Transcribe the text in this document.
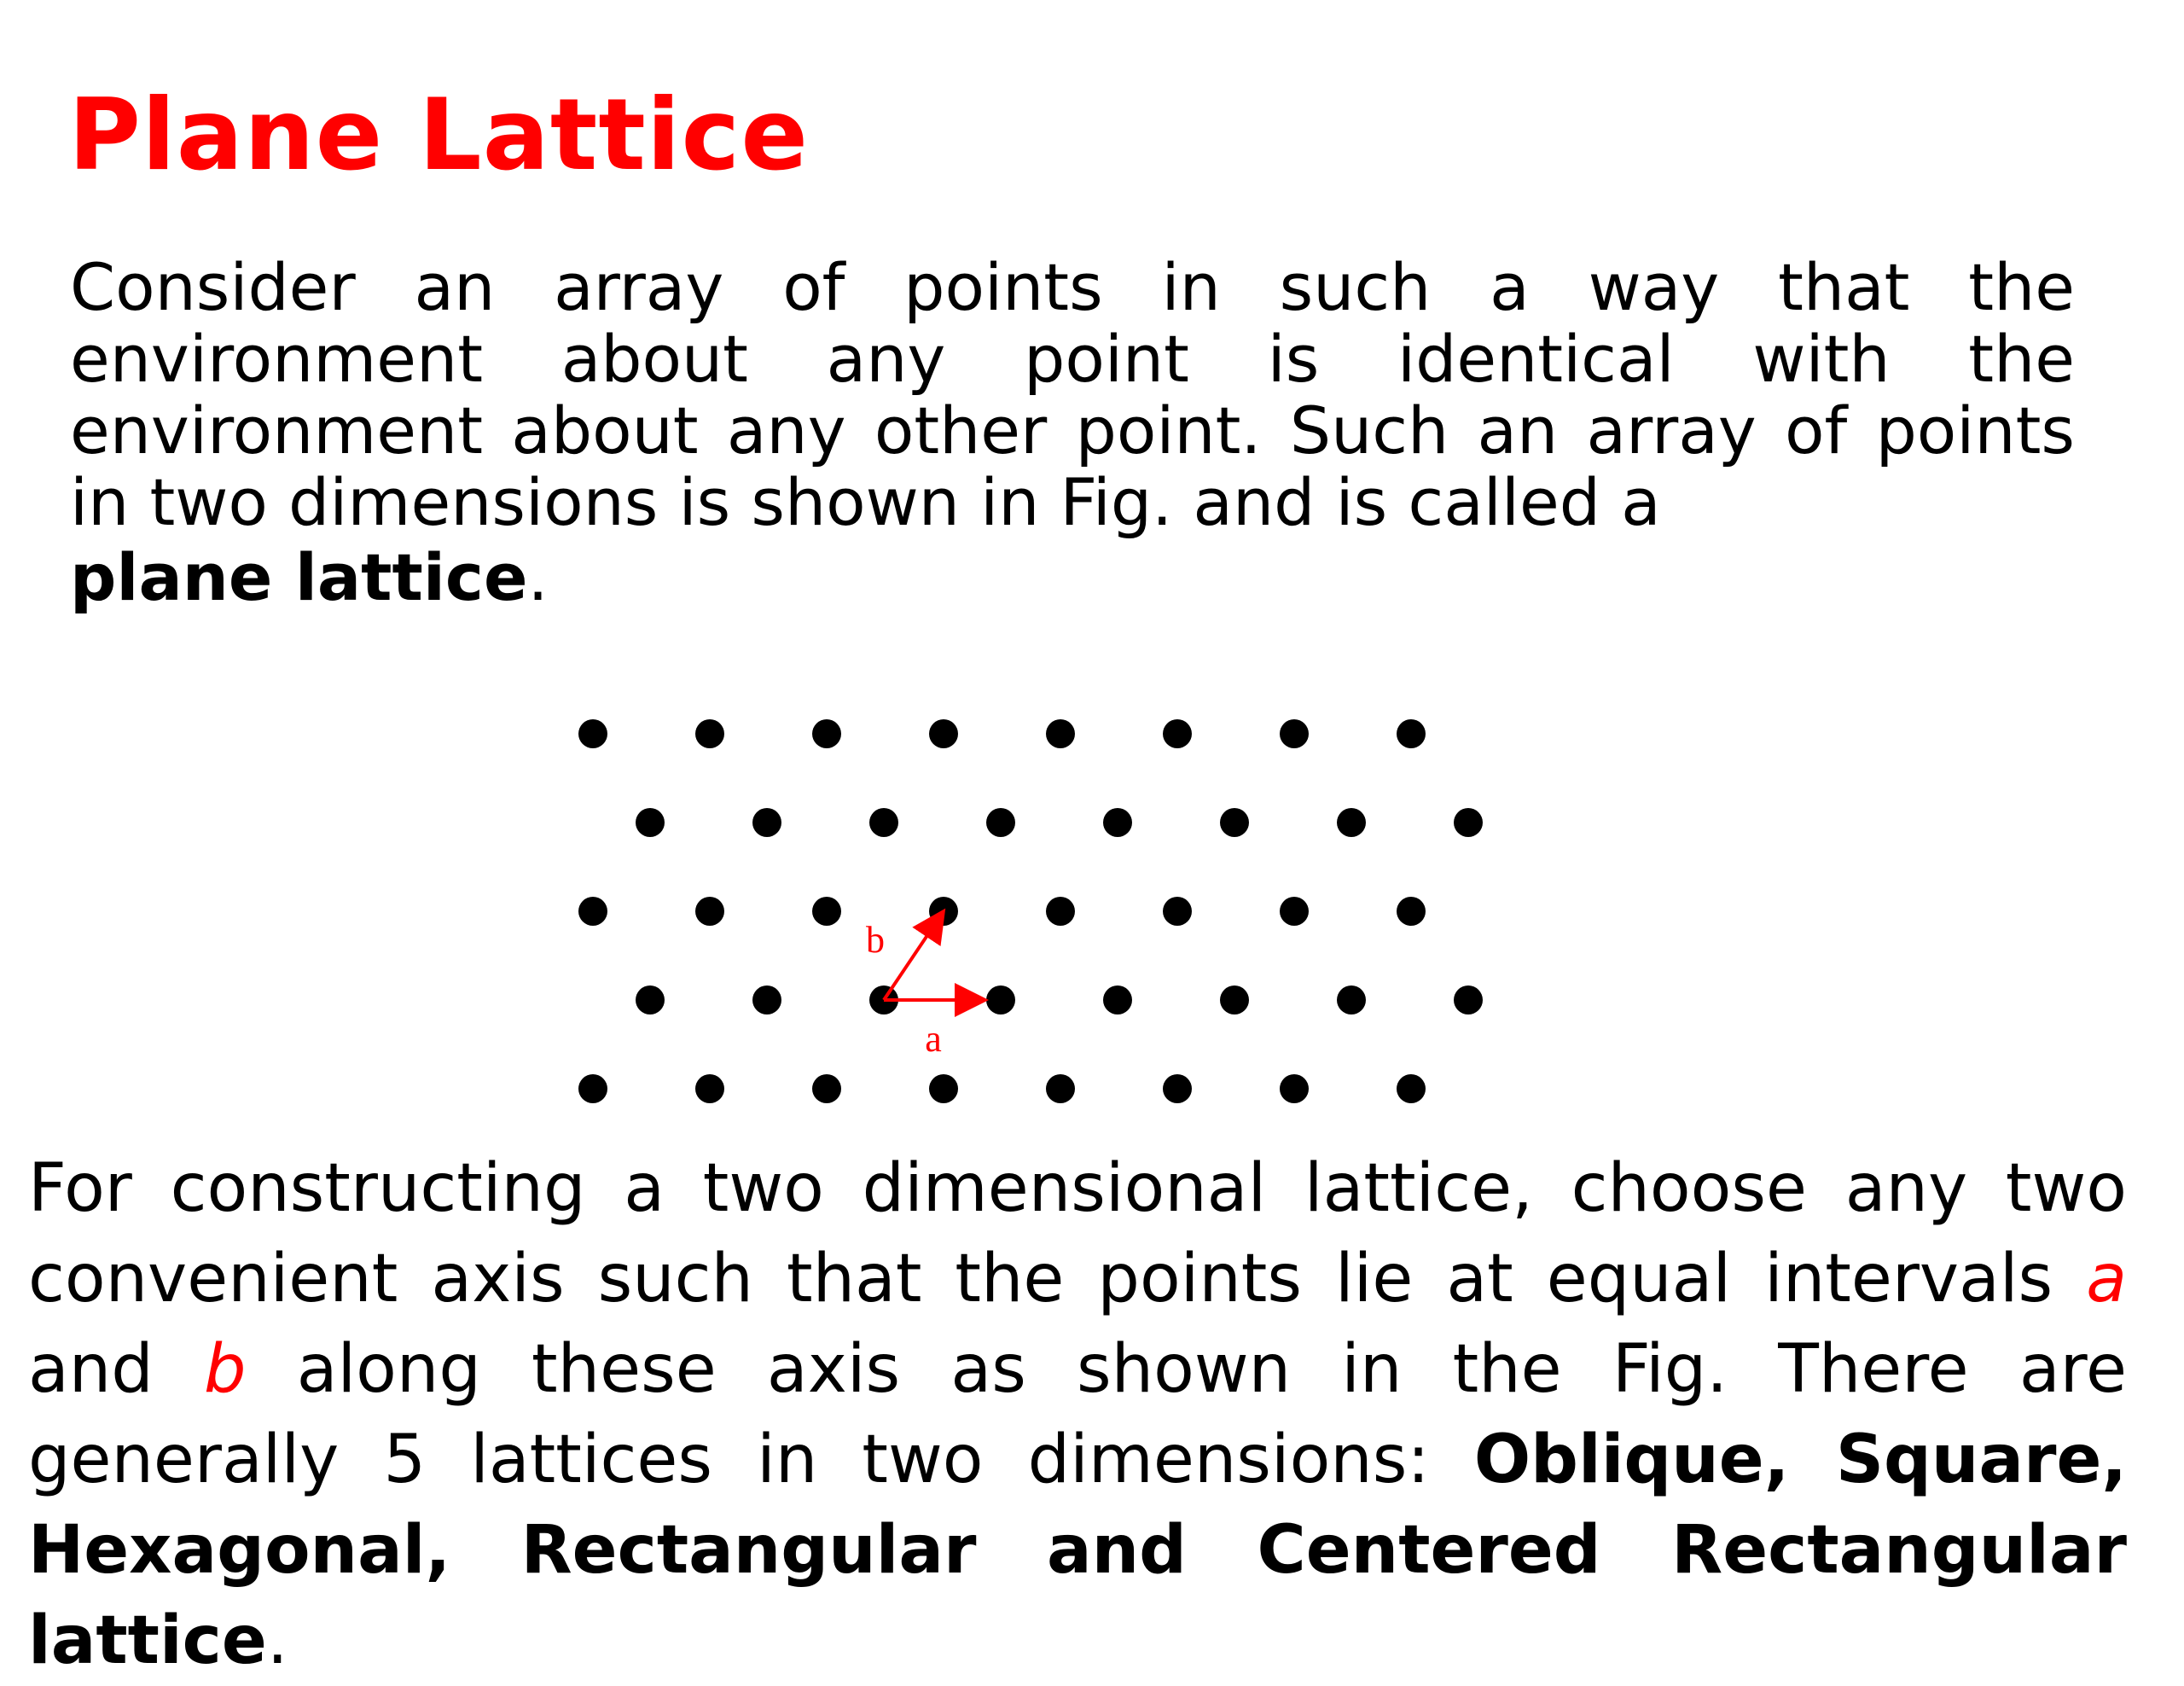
Plane Lattice

Consider an array of points in such a way that the environment about any point is identical with the environment about any other point. Such an array of points in two dimensions is shown in Fig. and is called a
plane lattice.

a
b

For constructing a two dimensional lattice, choose any two convenient axis such that the points lie at equal intervals a and b along these axis as shown in the Fig. There are generally 5 lattices in two dimensions: Oblique, Square, Hexagonal, Rectangular and Centered Rectangular lattice.
